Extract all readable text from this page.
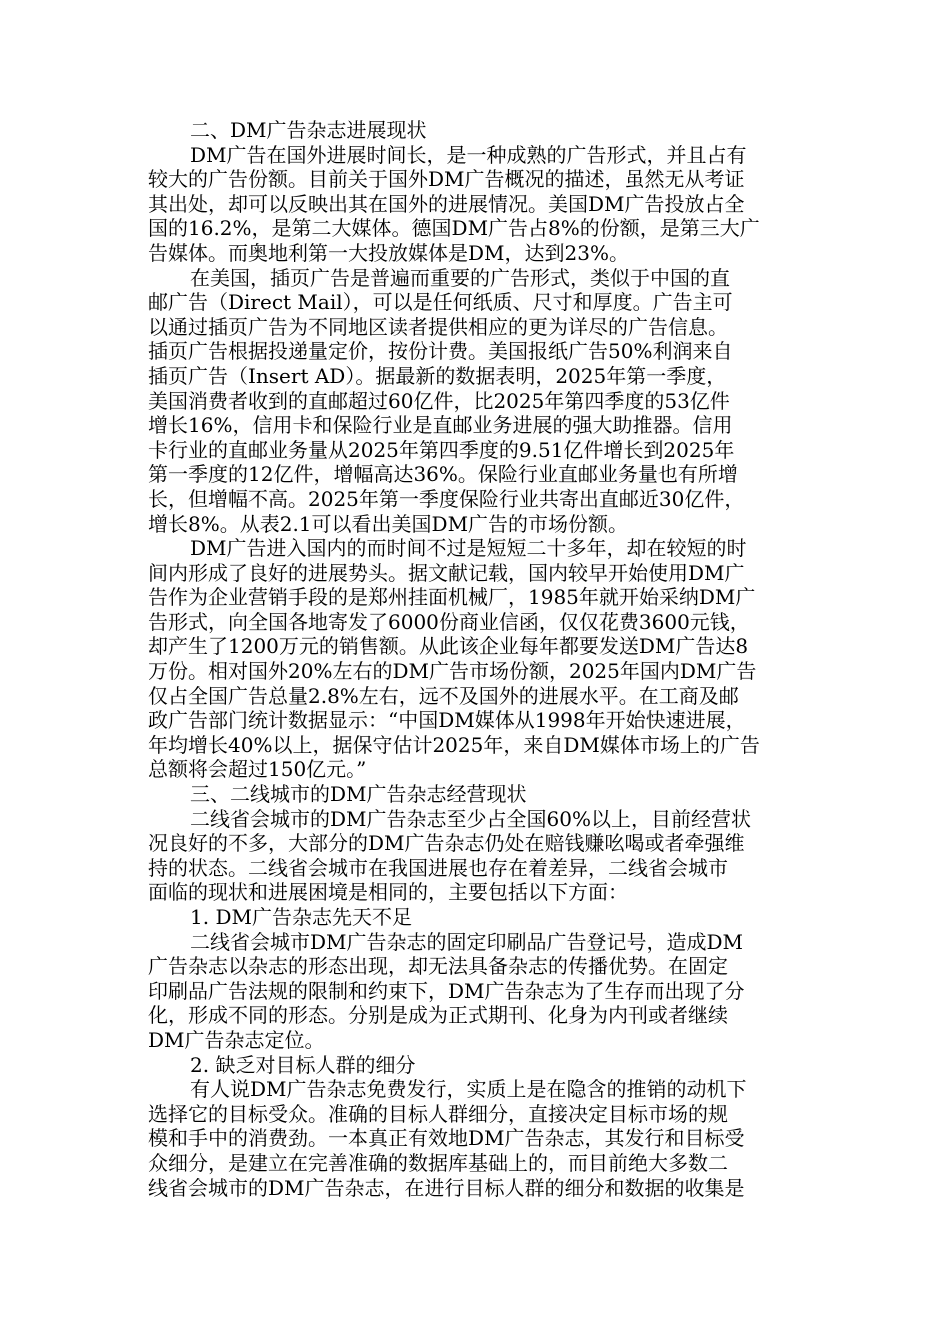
二、DM广告杂志进展现状
DM广告在国外进展时间长，是一种成熟的广告形式，并且占有
较大的广告份额。目前关于国外DM广告概况的描述，虽然无从考证
其出处，却可以反映出其在国外的进展情况。美国DM广告投放占全
国的16.2%，是第二大媒体。德国DM广告占8%的份额，是第三大广
告媒体。而奥地利第一大投放媒体是DM，达到23%。
在美国，插页广告是普遍而重要的广告形式，类似于中国的直
邮广告（Direct Mail），可以是任何纸质、尺寸和厚度。广告主可
以通过插页广告为不同地区读者提供相应的更为详尽的广告信息。
插页广告根据投递量定价，按份计费。美国报纸广告50%利润来自
插页广告（Insert AD）。据最新的数据表明，2025年第一季度，
美国消费者收到的直邮超过60亿件，比2025年第四季度的53亿件
增长16%，信用卡和保险行业是直邮业务进展的强大助推器。信用
卡行业的直邮业务量从2025年第四季度的9.51亿件增长到2025年
第一季度的12亿件，增幅高达36%。保险行业直邮业务量也有所增
长，但增幅不高。2025年第一季度保险行业共寄出直邮近30亿件，
增长8%。从表2.1可以看出美国DM广告的市场份额。
DM广告进入国内的而时间不过是短短二十多年，却在较短的时
间内形成了良好的进展势头。据文献记载，国内较早开始使用DM广
告作为企业营销手段的是郑州挂面机械厂，1985年就开始采纳DM广
告形式，向全国各地寄发了6000份商业信函，仅仅花费3600元钱，
却产生了1200万元的销售额。从此该企业每年都要发送DM广告达8
万份。相对国外20%左右的DM广告市场份额，2025年国内DM广告
仅占全国广告总量2.8%左右，远不及国外的进展水平。在工商及邮
政广告部门统计数据显示：“中国DM媒体从1998年开始快速进展，
年均增长40%以上，据保守估计2025年，来自DM媒体市场上的广告
总额将会超过150亿元。”
三、二线城市的DM广告杂志经营现状
二线省会城市的DM广告杂志至少占全国60%以上，目前经营状
况良好的不多，大部分的DM广告杂志仍处在赔钱赚吆喝或者牵强维
持的状态。二线省会城市在我国进展也存在着差异，二线省会城市
面临的现状和进展困境是相同的，主要包括以下方面：
1. DM广告杂志先天不足
二线省会城市DM广告杂志的固定印刷品广告登记号，造成DM
广告杂志以杂志的形态出现，却无法具备杂志的传播优势。在固定
印刷品广告法规的限制和约束下，DM广告杂志为了生存而出现了分
化，形成不同的形态。分别是成为正式期刊、化身为内刊或者继续
DM广告杂志定位。
2. 缺乏对目标人群的细分
有人说DM广告杂志免费发行，实质上是在隐含的推销的动机下
选择它的目标受众。准确的目标人群细分，直接决定目标市场的规
模和手中的消费劲。一本真正有效地DM广告杂志，其发行和目标受
众细分，是建立在完善准确的数据库基础上的，而目前绝大多数二
线省会城市的DM广告杂志，在进行目标人群的细分和数据的收集是
